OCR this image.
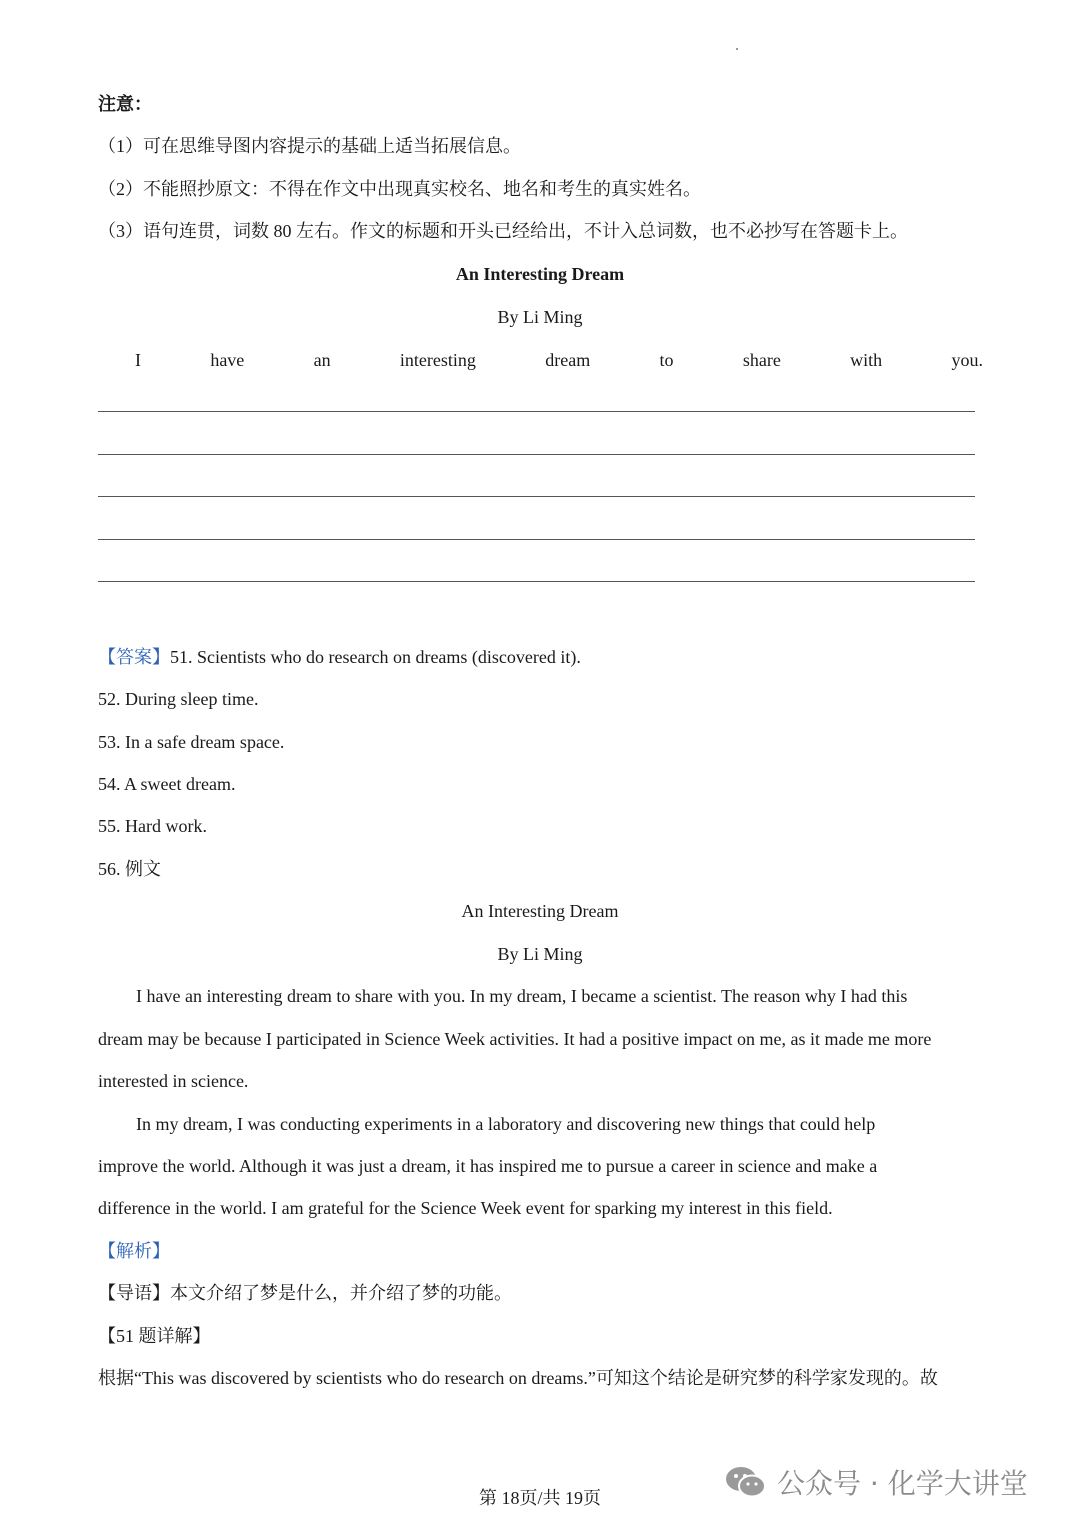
注意：
（1）可在思维导图内容提示的基础上适当拓展信息。
（2）不能照抄原文：不得在作文中出现真实校名、地名和考生的真实姓名。
（3）语句连贯，词数 80 左右。作文的标题和开头已经给出，不计入总词数，也不必抄写在答题卡上。
An Interesting Dream
By Li Ming
I	have	an	interesting	dream	to	share	with	you.
【答案】51. Scientists who do research on dreams (discovered it).
52. During sleep time.
53. In a safe dream space.
54. A sweet dream.
55. Hard work.
56. 例文
An Interesting Dream
By Li Ming
I have an interesting dream to share with you. In my dream, I became a scientist. The reason why I had this
dream may be because I participated in Science Week activities. It had a positive impact on me, as it made me more
interested in science.
In my dream, I was conducting experiments in a laboratory and discovering new things that could help
improve the world. Although it was just a dream, it has inspired me to pursue a career in science and make a
difference in the world. I am grateful for the Science Week event for sparking my interest in this field.
【解析】
【导语】本文介绍了梦是什么，并介绍了梦的功能。
【51 题详解】
根据“This was discovered by scientists who do research on dreams.”可知这个结论是研究梦的科学家发现的。故
第 18页/共 19页	公众号 · 化学大讲堂
